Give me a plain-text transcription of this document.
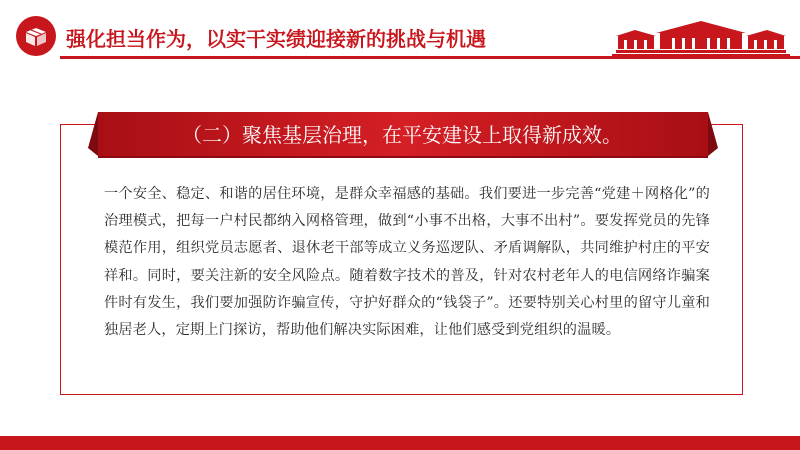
强化担当作为，以实干实绩迎接新的挑战与机遇
（二）聚焦基层治理，在平安建设上取得新成效。
一个安全、稳定、和谐的居住环境，是群众幸福感的基础。我们要进一步完善“党建＋网格化”的治理模式，把每一户村民都纳入网格管理，做到“小事不出格，大事不出村”。要发挥党员的先锋模范作用，组织党员志愿者、退休老干部等成立义务巡逻队、矛盾调解队，共同维护村庄的平安祥和。同时，要关注新的安全风险点。随着数字技术的普及，针对农村老年人的电信网络诈骗案件时有发生，我们要加强防诈骗宣传，守护好群众的“钱袋子”。还要特别关心村里的留守儿童和独居老人，定期上门探访，帮助他们解决实际困难，让他们感受到党组织的温暖。
